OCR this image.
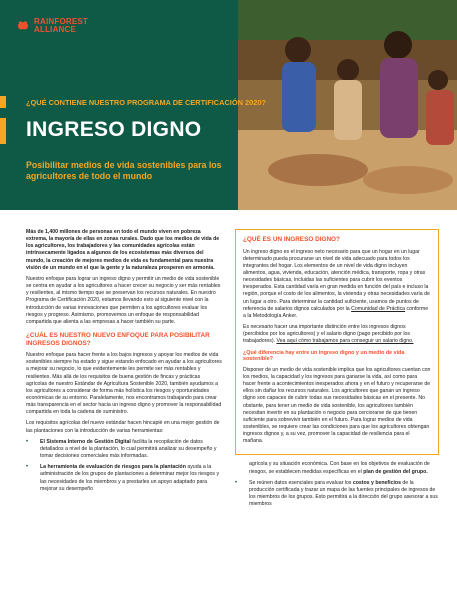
RAINFOREST
ALLIANCE
¿QUÉ CONTIENE NUESTRO PROGRAMA DE CERTIFICACIÓN 2020?
INGRESO DIGNO
Posibilitar medios de vida sostenibles para los agricultores de todo el mundo

Más de 1,400 millones de personas en todo el mundo viven en pobreza extrema, la mayoría de ellas en zonas rurales. Dado que los medios de vida de los agricultores, los trabajadores y las comunidades agrícolas están intrínsecamente ligados a algunos de los ecosistemas más diversos del mundo, la creación de mejores medios de vida es fundamental para nuestra visión de un mundo en el que la gente y la naturaleza prosperen en armonía.

Nuestro enfoque para lograr un ingreso digno y permitir un medio de vida sostenible se centra en ayudar a los agricultores a hacer crecer su negocio y ser más rentables y resilientes, al mismo tiempo que se preservan los recursos naturales. En nuestro Programa de Certificación 2020, estamos llevando esto al siguiente nivel con la introducción de varias innovaciones que permiten a los agricultores evaluar los riesgos y progreso. Asimismo, promovemos un enfoque de responsabilidad compartida que alienta a las empresas a hacer también su parte.

¿CUÁL ES NUESTRO NUEVO ENFOQUE PARA POSIBILITAR INGRESOS DIGNOS?

Nuestro enfoque para hacer frente a los bajos ingresos y apoyar los medios de vida sostenibles siempre ha estado y sigue estando enfocado en ayudar a los agricultores a mejorar su negocio, lo que evidentemente les permite ser más rentables y resilientes. Más allá de los requisitos de buena gestión de fincas y prácticas agrícolas de nuestro Estándar de Agricultura Sostenible 2020, también ayudamos a los agricultores a considerar de forma más holística los riesgos y oportunidades económicas de su entorno. Paralelamente, nos encontramos trabajando para crear más transparencia en el sector hacia un ingreso digno y promover la responsabilidad compartida en toda la cadena de suministro.

Los requisitos agrícolas del nuevo estándar hacen hincapié en una mejor gestión de las plantaciones con la introducción de varias herramientas:

•	El Sistema Interno de Gestión Digital facilita la recopilación de datos detallados a nivel de la plantación, lo cual permitirá analizar su desempeño y tomar decisiones comerciales más informadas.
•	La herramienta de evaluación de riesgos para la plantación ayuda a la administración de los grupos de plantaciones a determinar mejor los riesgos y las necesidades de los miembros y a prestarles un apoyo adaptado para mejorar su desempeño
¿QUÉ ES UN INGRESO DIGNO?

Un ingreso digno es el ingreso neto necesario para que un hogar en un lugar determinado pueda procurarse un nivel de vida adecuado para todos los integrantes del hogar. Los elementos de un nivel de vida digno incluyen alimentos, agua, vivienda, educación, atención médica, transporte, ropa y otras necesidades básicas, incluidas las suficientes para cubrir los eventos inesperados. Esta cantidad varía en gran medida en función del país e incluso la región, porque el costo de los alimentos, la vivienda y otras necesidades varía de un lugar a otro. Para determinar la cantidad suficiente, usamos de puntos de referencia de salarios dignos calculados por la Comunidad de Práctica conforme a la Metodología Anker.

Es necesario hacer una importante distinción entre los ingresos dignos (percibidos por los agricultores) y el salario digno (pago percibido por los trabajadores). Vea aquí cómo trabajamos para conseguir un salario digno.

¿Qué diferencia hay entre un ingreso digno y un medio de vida sostenible?

Disponer de un medio de vida sostenible implica que los agricultores cuentan con los medios, la capacidad y los ingresos para ganarse la vida, así como para hacer frente a acontecimientos inesperados ahora y en el futuro y recuperarse de ellos sin dañar los recursos naturales. Los agricultores que ganan un ingreso digno son capaces de cubrir todas sus necesidades básicas en el presente. No obstante, para tener un medio de vida sostenible, los agricultores también necesitan invertir en su plantación o negocio para cerciorarse de que tienen suficiente para sobrevivir también en el futuro. Para lograr medios de vida sostenibles, se requiere crear las condiciones para que los agricultores obtengan ingresos dignos y, a su vez, promover la capacidad de resiliencia para el mañana.

agrícola y su situación económica. Con base en los objetivos de evaluación de riesgos, se establecen medidas específicas en el plan de gestión del grupo.

•	Se reúnen datos esenciales para evaluar los costos y beneficios de la producción certificada y trazar un mapa de las fuentes principales de ingresos de los miembros de los grupos. Esto permitirá a la dirección del grupo asesorar a sus miembros
